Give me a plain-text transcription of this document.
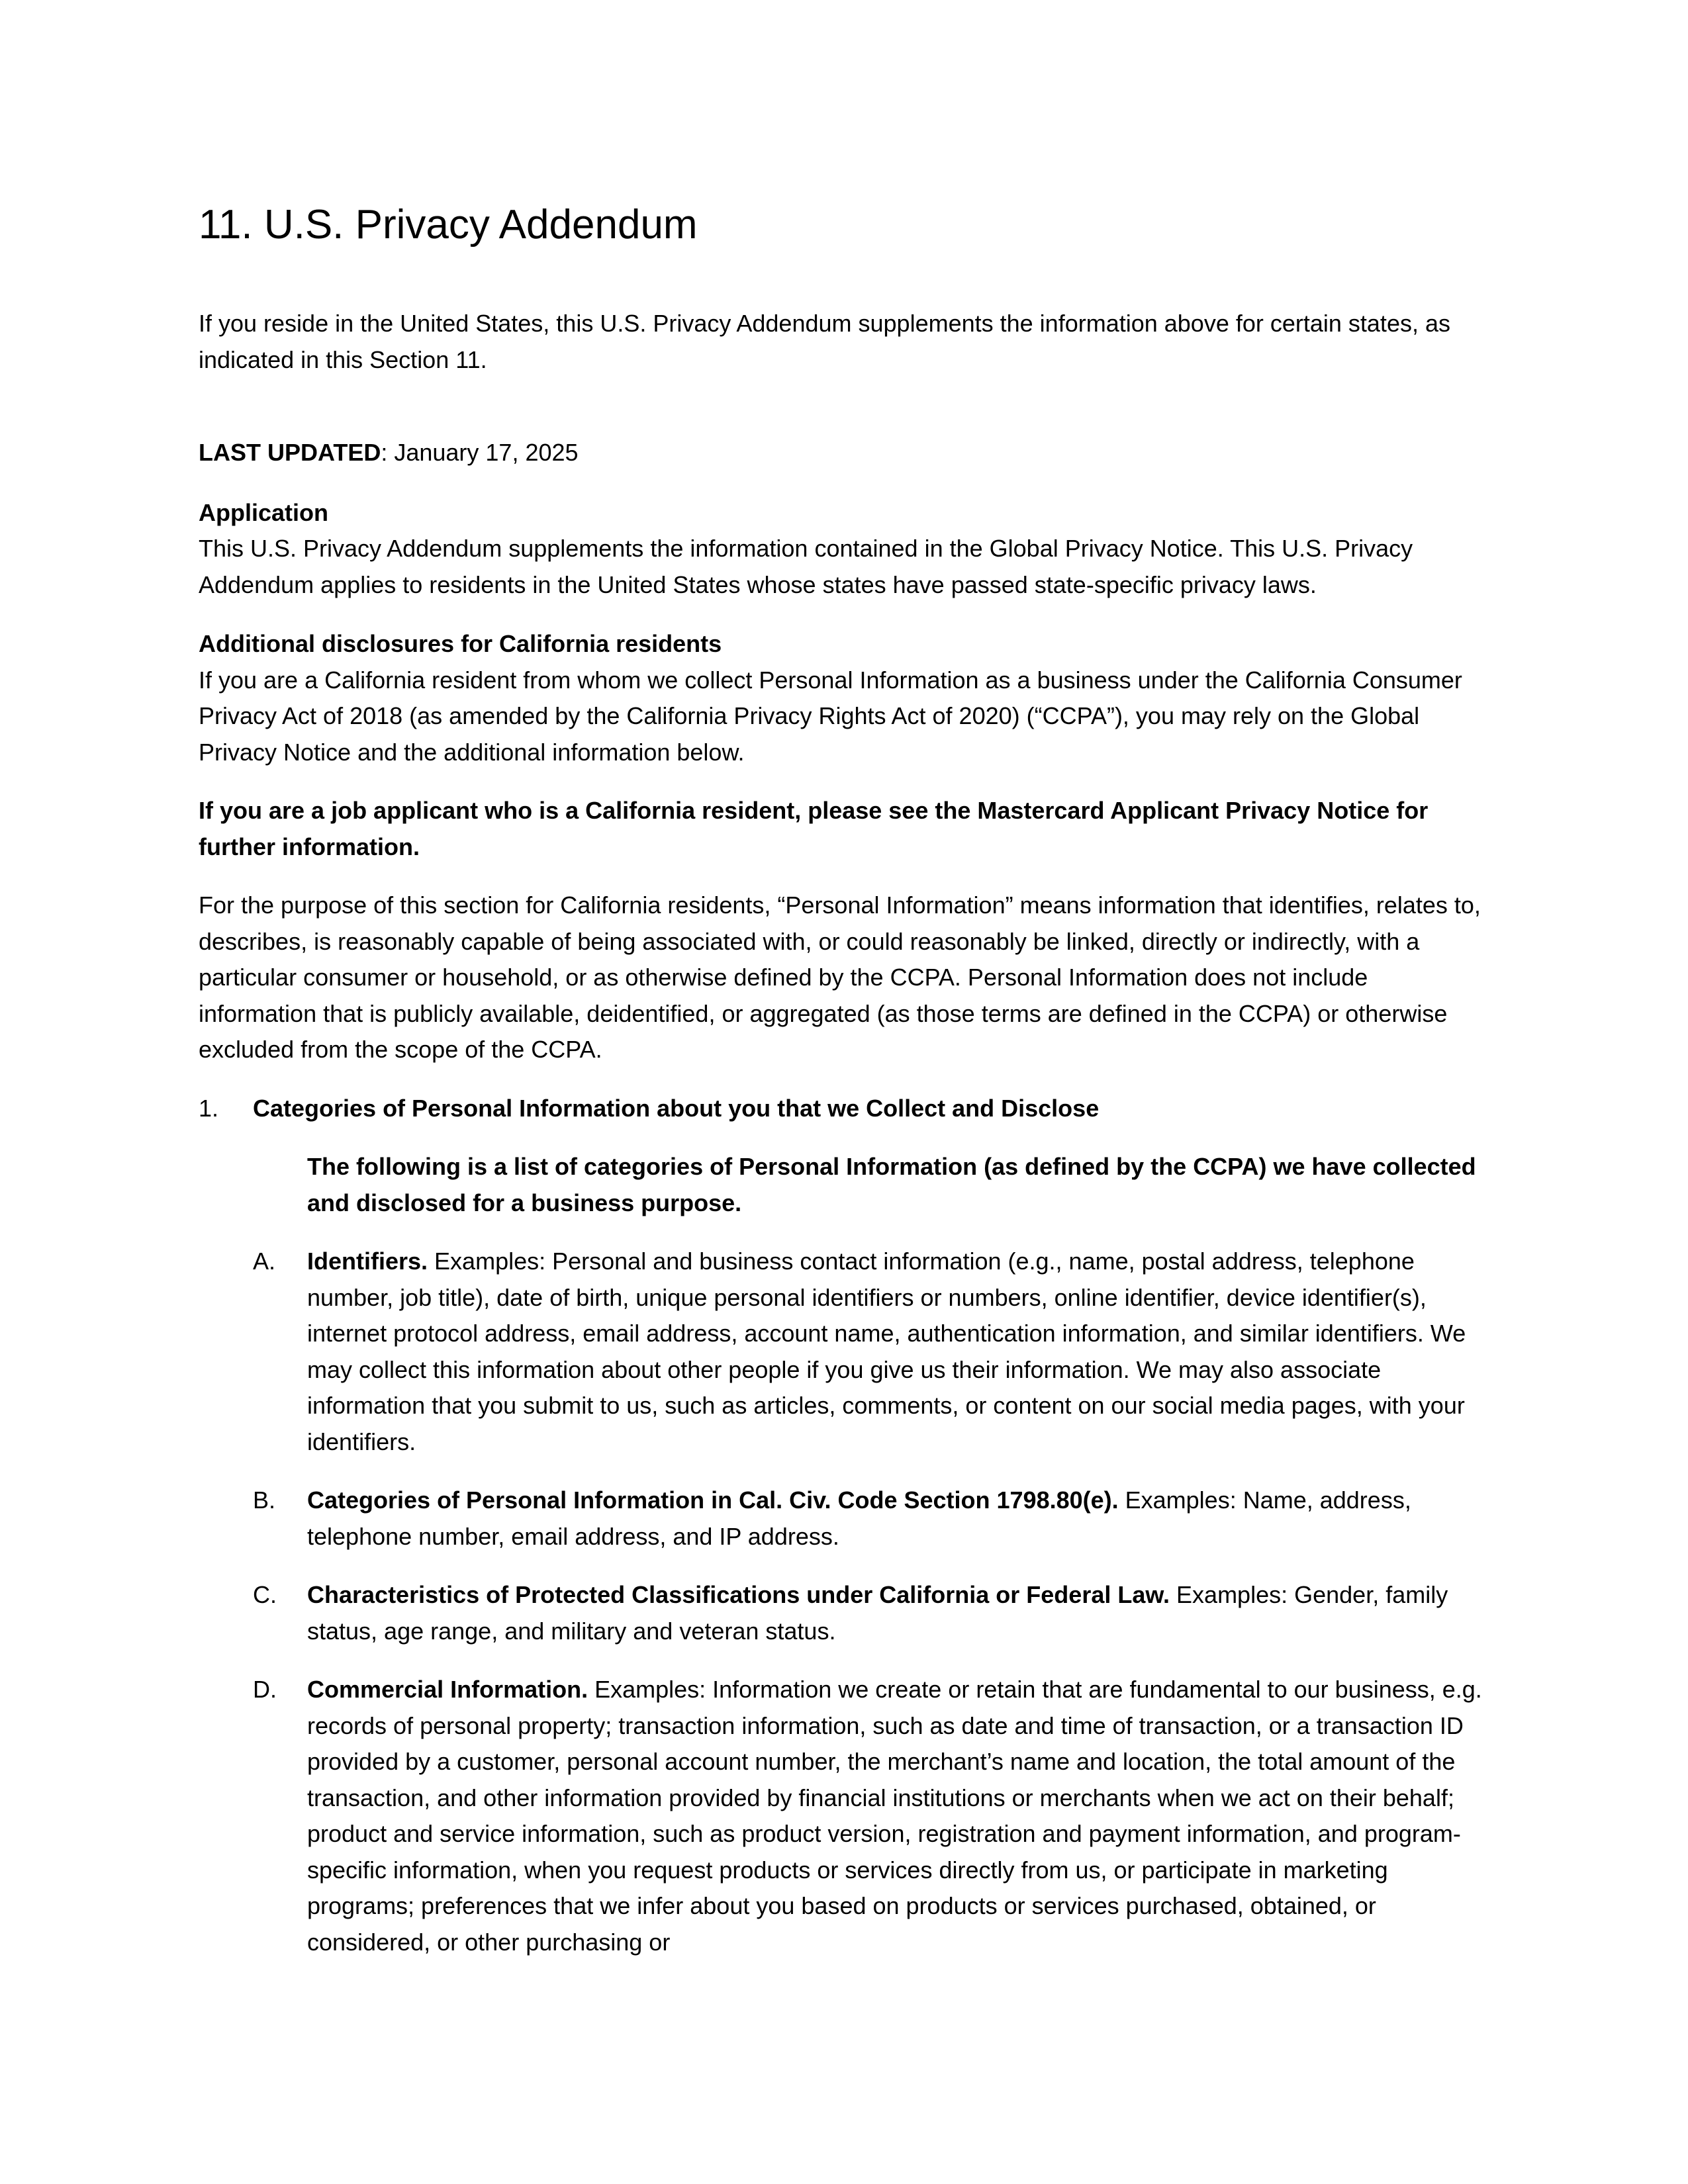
11. U.S. Privacy Addendum

If you reside in the United States, this U.S. Privacy Addendum supplements the information above for certain states, as indicated in this Section 11.

LAST UPDATED: January 17, 2025

Application

This U.S. Privacy Addendum supplements the information contained in the Global Privacy Notice. This U.S. Privacy Addendum applies to residents in the United States whose states have passed state-specific privacy laws.

Additional disclosures for California residents

If you are a California resident from whom we collect Personal Information as a business under the California Consumer Privacy Act of 2018 (as amended by the California Privacy Rights Act of 2020) (“CCPA”), you may rely on the Global Privacy Notice and the additional information below.

If you are a job applicant who is a California resident, please see the Mastercard Applicant Privacy Notice for further information.

For the purpose of this section for California residents, “Personal Information” means information that identifies, relates to, describes, is reasonably capable of being associated with, or could reasonably be linked, directly or indirectly, with a particular consumer or household, or as otherwise defined by the CCPA. Personal Information does not include information that is publicly available, deidentified, or aggregated (as those terms are defined in the CCPA) or otherwise excluded from the scope of the CCPA.

1.	Categories of Personal Information about you that we Collect and Disclose

The following is a list of categories of Personal Information (as defined by the CCPA) we have collected and disclosed for a business purpose.

A.	Identifiers. Examples: Personal and business contact information (e.g., name, postal address, telephone number, job title), date of birth, unique personal identifiers or numbers, online identifier, device identifier(s), internet protocol address, email address, account name, authentication information, and similar identifiers. We may collect this information about other people if you give us their information. We may also associate information that you submit to us, such as articles, comments, or content on our social media pages, with your identifiers.

B.	Categories of Personal Information in Cal. Civ. Code Section 1798.80(e). Examples: Name, address, telephone number, email address, and IP address.

C.	Characteristics of Protected Classifications under California or Federal Law. Examples: Gender, family status, age range, and military and veteran status.

D.	Commercial Information. Examples: Information we create or retain that are fundamental to our business, e.g. records of personal property; transaction information, such as date and time of transaction, or a transaction ID provided by a customer, personal account number, the merchant’s name and location, the total amount of the transaction, and other information provided by financial institutions or merchants when we act on their behalf; product and service information, such as product version, registration and payment information, and program-specific information, when you request products or services directly from us, or participate in marketing programs; preferences that we infer about you based on products or services purchased, obtained, or considered, or other purchasing or
